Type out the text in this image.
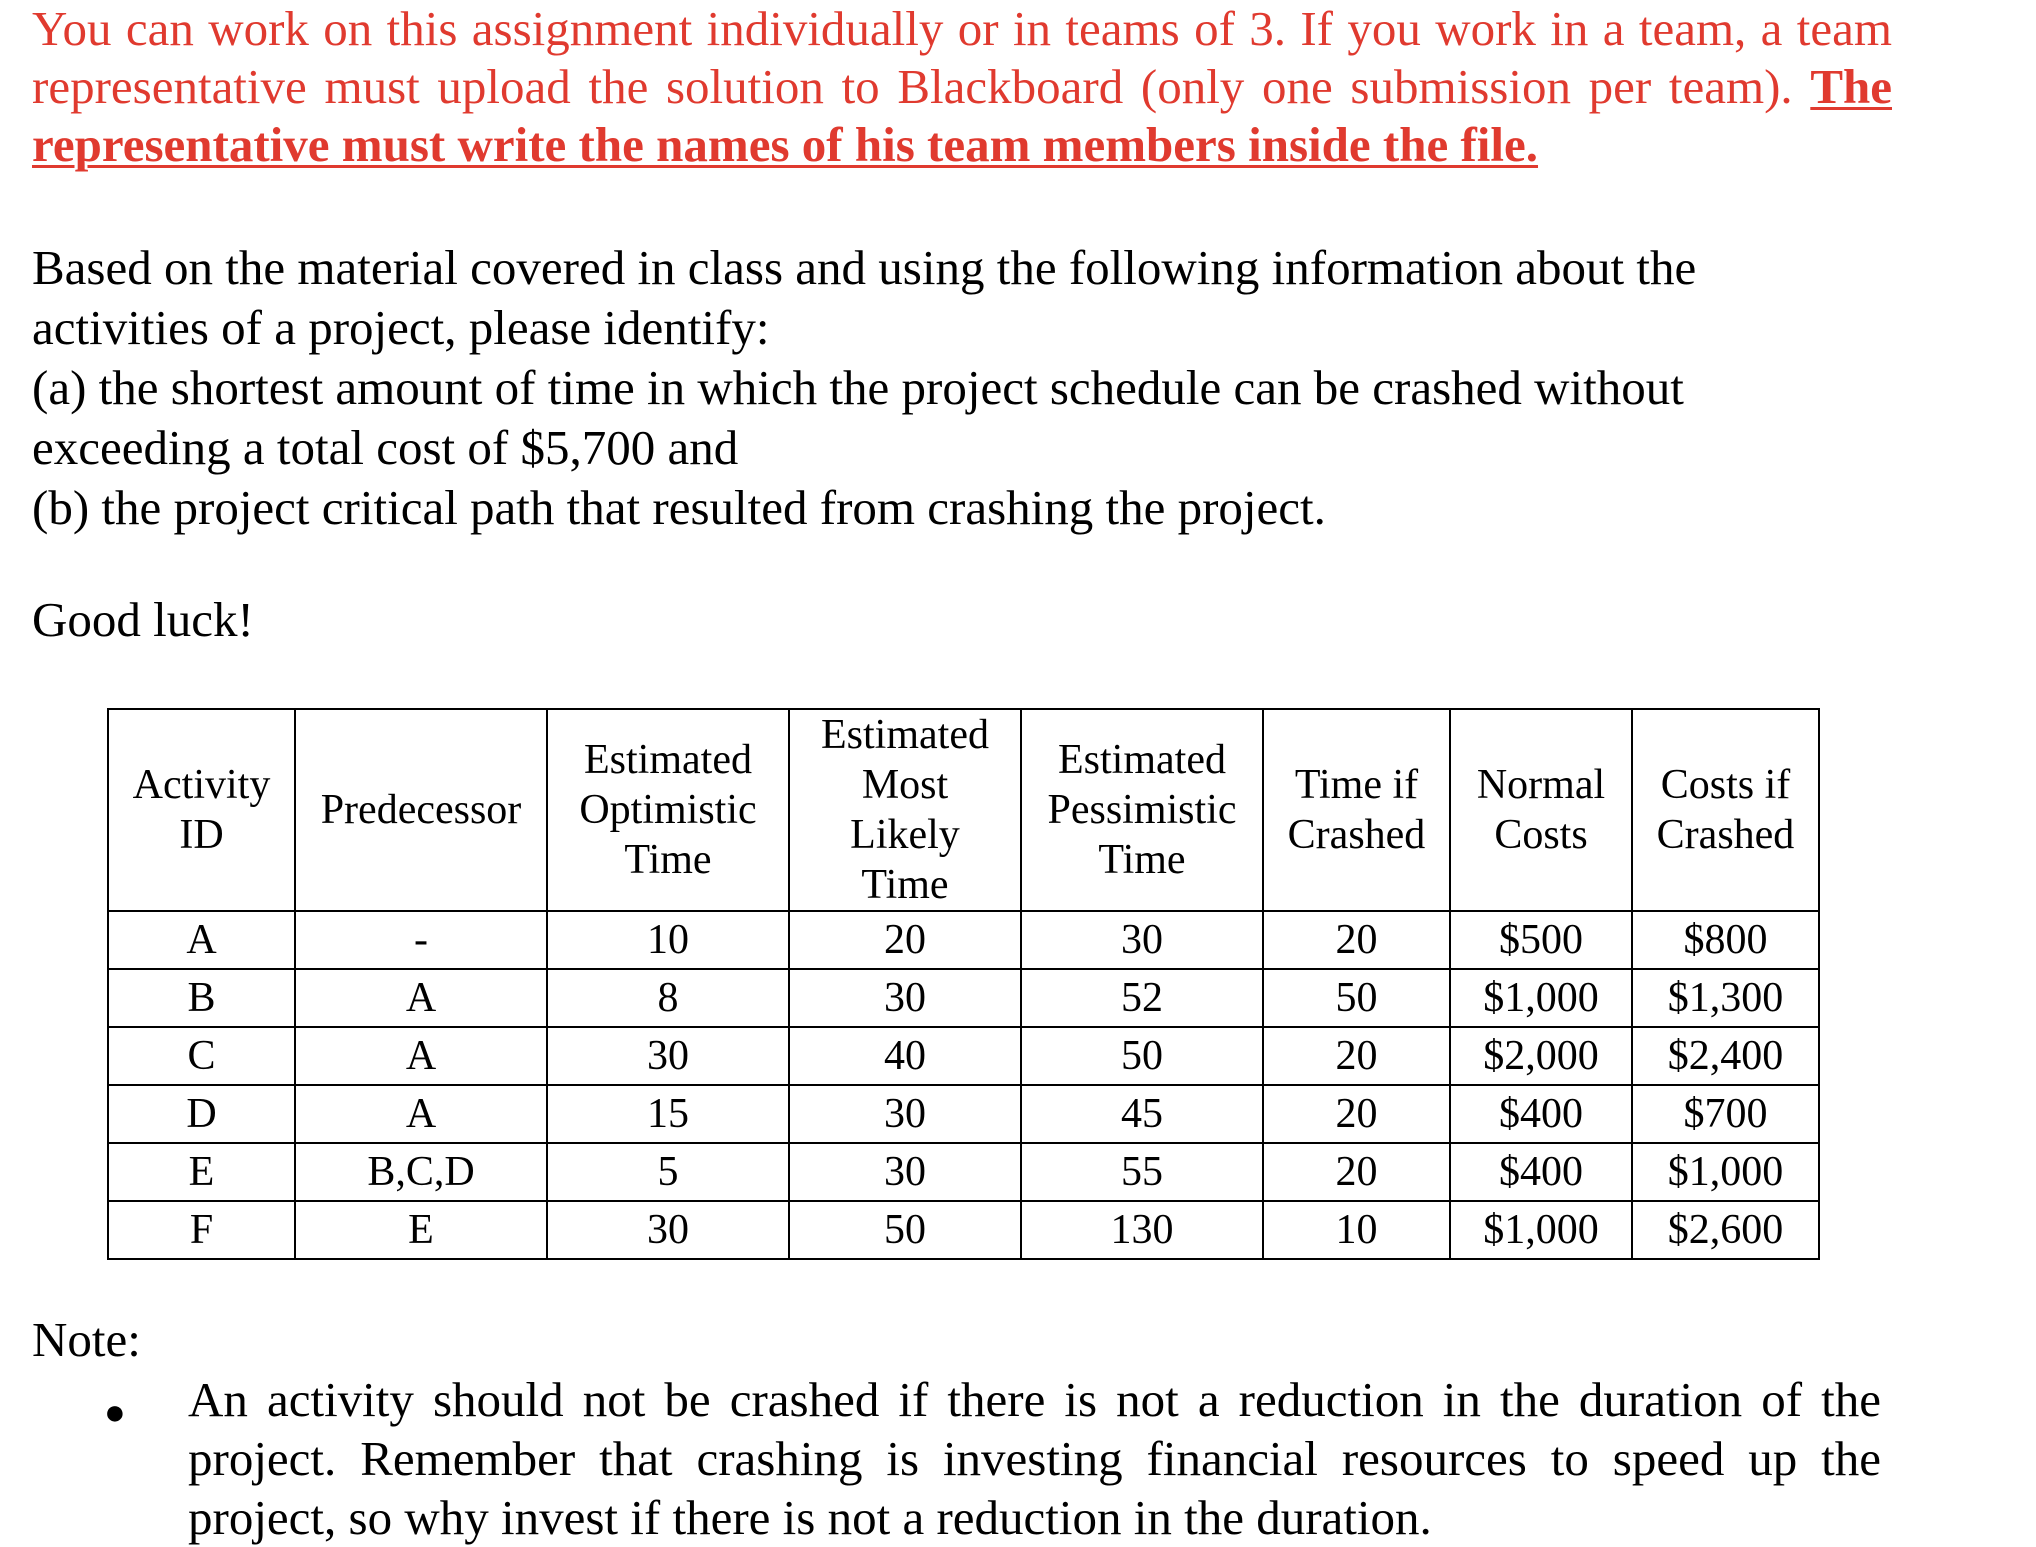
You can work on this assignment individually or in teams of 3. If you work in a team, a team representative must upload the solution to Blackboard (only one submission per team). The representative must write the names of his team members inside the file.
Based on the material covered in class and using the following information about the
activities of a project, please identify:
(a) the shortest amount of time in which the project schedule can be crashed without
exceeding a total cost of $5,700 and
(b) the project critical path that resulted from crashing the project.
Good luck!
Activity
ID	Predecessor	Estimated
Optimistic
Time	Estimated
Most
Likely
Time	Estimated
Pessimistic
Time	Time if
Crashed	Normal
Costs	Costs if
Crashed
A	-	10	20	30	20	$500	$800
B	A	8	30	52	50	$1,000	$1,300
C	A	30	40	50	20	$2,000	$2,400
D	A	15	30	45	20	$400	$700
E	B,C,D	5	30	55	20	$400	$1,000
F	E	30	50	130	10	$1,000	$2,600
Note:
● An activity should not be crashed if there is not a reduction in the duration of the project. Remember that crashing is investing financial resources to speed up the project, so why invest if there is not a reduction in the duration.
